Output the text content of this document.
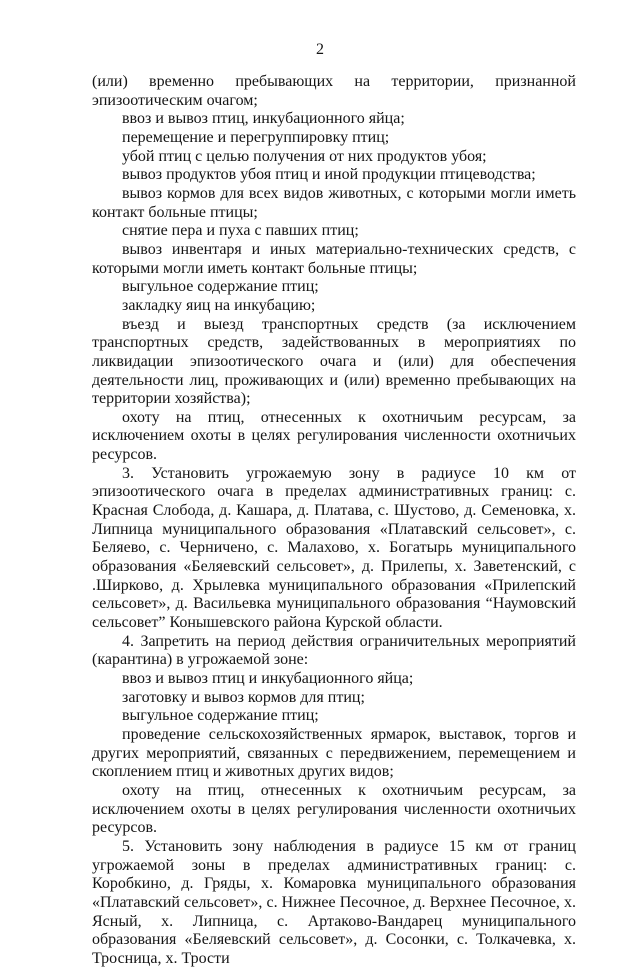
2

(или) временно пребывающих на территории, признанной эпизоотическим очагом;

ввоз и вывоз птиц, инкубационного яйца;

перемещение и перегруппировку птиц;

убой птиц с целью получения от них продуктов убоя;

вывоз продуктов убоя птиц и иной продукции птицеводства;

вывоз кормов для всех видов животных, с которыми могли иметь контакт больные птицы;

снятие пера и пуха с павших птиц;

вывоз инвентаря и иных материально-технических средств, с которыми могли иметь контакт больные птицы;

выгульное содержание птиц;

закладку яиц на инкубацию;

въезд и выезд транспортных средств (за исключением транспортных средств, задействованных в мероприятиях по ликвидации эпизоотического очага и (или) для обеспечения деятельности лиц, проживающих и (или) временно пребывающих на территории хозяйства);

охоту на птиц, отнесенных к охотничьим ресурсам, за исключением охоты в целях регулирования численности охотничьих ресурсов.

3. Установить угрожаемую зону в радиусе 10 км от эпизоотического очага в пределах административных границ: с. Красная Слобода, д. Кашара, д. Платава, с. Шустово, д. Семеновка, х. Липница муниципального образования «Платавский сельсовет», с. Беляево, с. Черничено, с. Малахово, х. Богатырь муниципального образования «Беляевский сельсовет», д. Прилепы, х. Заветенский, с .Ширково, д. Хрылевка муниципального образования «Прилепский сельсовет», д. Васильевка муниципального образования “Наумовский сельсовет” Конышевского района Курской области.

4. Запретить на период действия ограничительных мероприятий (карантина) в угрожаемой зоне:

ввоз и вывоз птиц и инкубационного яйца;

заготовку и вывоз кормов для птиц;

выгульное содержание птиц;

проведение сельскохозяйственных ярмарок, выставок, торгов и других мероприятий, связанных с передвижением, перемещением и скоплением птиц и животных других видов;

охоту на птиц, отнесенных к охотничьим ресурсам, за исключением охоты в целях регулирования численности охотничьих ресурсов.

5. Установить зону наблюдения в радиусе 15 км от границ угрожаемой зоны в пределах административных границ: с. Коробкино, д. Гряды, х. Комаровка муниципального образования «Платавский сельсовет», с. Нижнее Песочное, д. Верхнее Песочное, х. Ясный, х. Липница, с. Артаково-Вандарец муниципального образования «Беляевский сельсовет», д. Сосонки, с. Толкачевка, х. Тросница, х. Трости
